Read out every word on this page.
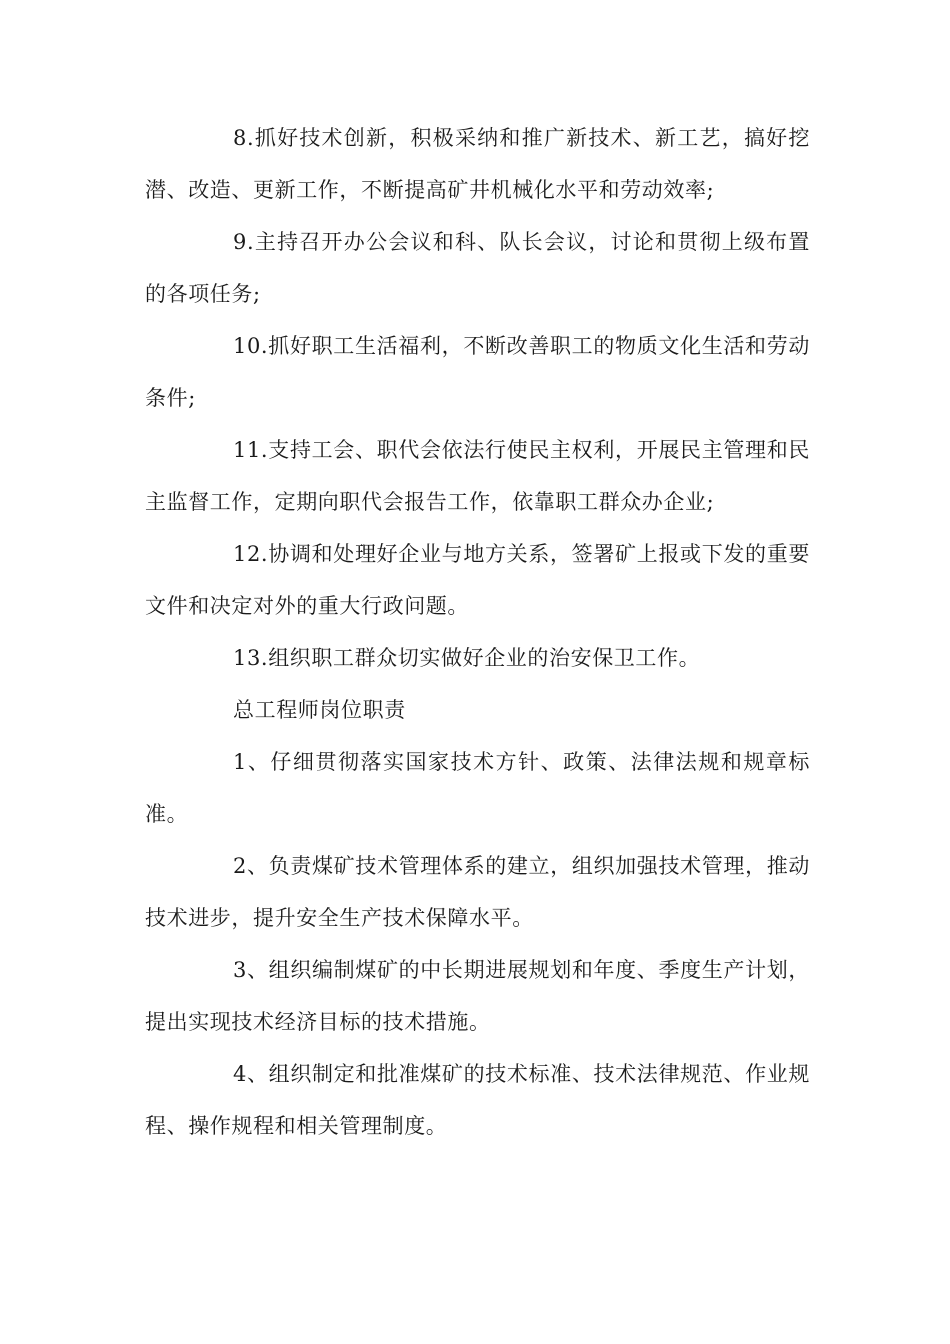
8.抓好技术创新，积极采纳和推广新技术、新工艺，搞好挖潜、改造、更新工作，不断提高矿井机械化水平和劳动效率;

9.主持召开办公会议和科、队长会议，讨论和贯彻上级布置的各项任务;

10.抓好职工生活福利，不断改善职工的物质文化生活和劳动条件;

11.支持工会、职代会依法行使民主权利，开展民主管理和民主监督工作，定期向职代会报告工作，依靠职工群众办企业;

12.协调和处理好企业与地方关系，签署矿上报或下发的重要文件和决定对外的重大行政问题。

13.组织职工群众切实做好企业的治安保卫工作。

总工程师岗位职责

1、仔细贯彻落实国家技术方针、政策、法律法规和规章标准。

2、负责煤矿技术管理体系的建立，组织加强技术管理，推动技术进步，提升安全生产技术保障水平。

3、组织编制煤矿的中长期进展规划和年度、季度生产计划，提出实现技术经济目标的技术措施。

4、组织制定和批准煤矿的技术标准、技术法律规范、作业规程、操作规程和相关管理制度。
